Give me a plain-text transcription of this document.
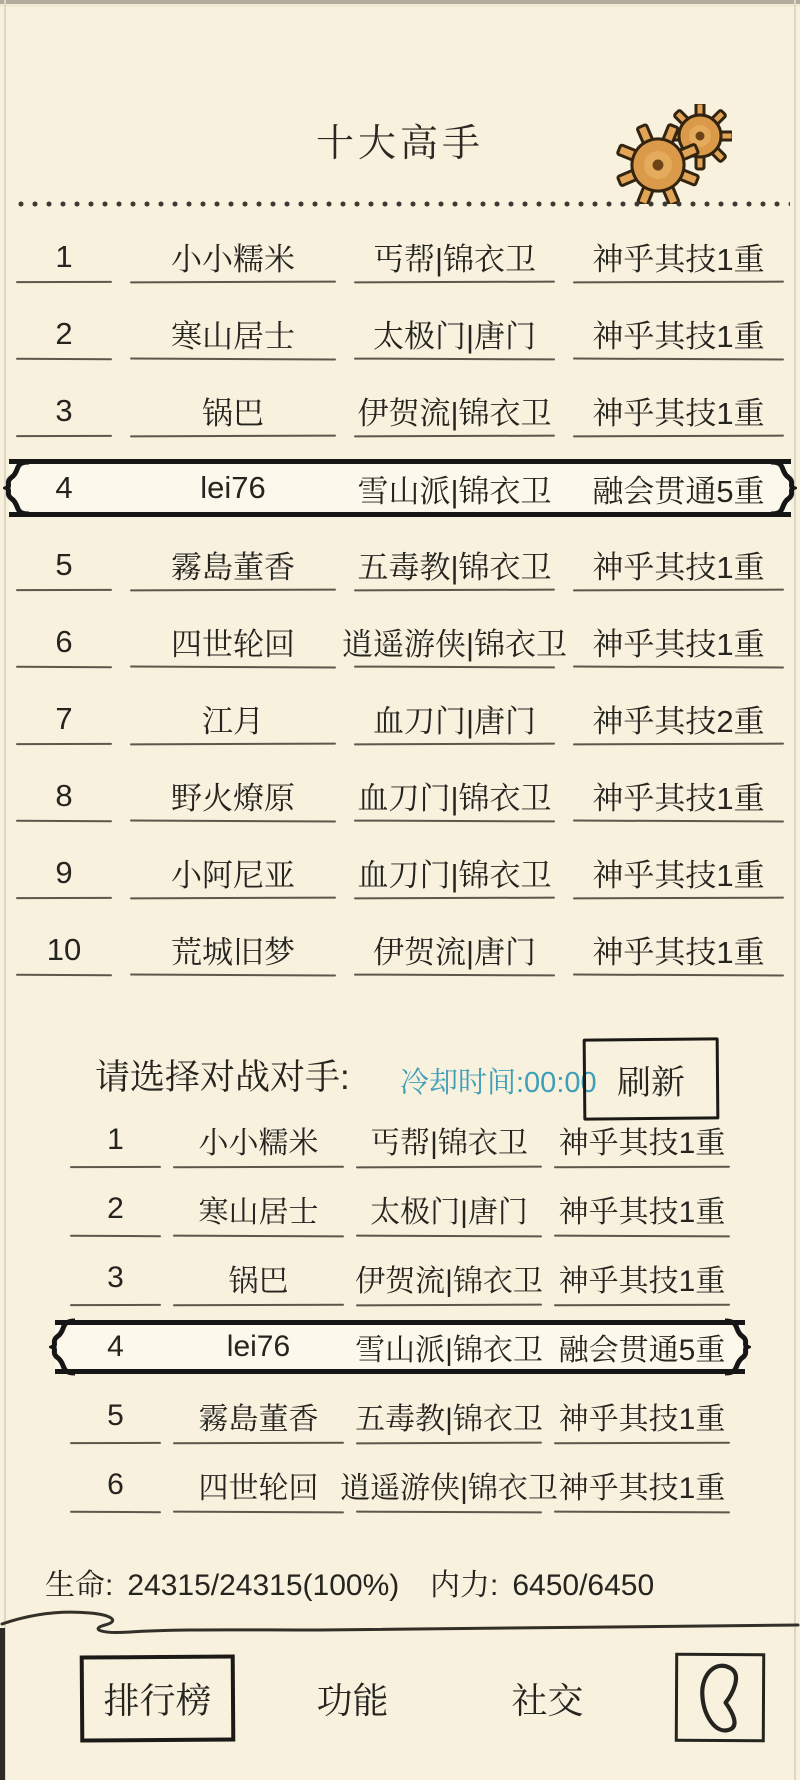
十大高手
1	小小糯米	丐帮|锦衣卫	神乎其技1重
2	寒山居士	太极门|唐门	神乎其技1重
3	锅巴	伊贺流|锦衣卫	神乎其技1重
4	lei76	雪山派|锦衣卫	融会贯通5重
5	霧島董香	五毒教|锦衣卫	神乎其技1重
6	四世轮回	逍遥游侠|锦衣卫 神乎其技1重
7	江月	血刀门|唐门	神乎其技2重
8	野火燎原	血刀门|锦衣卫	神乎其技1重
9	小阿尼亚	血刀门|锦衣卫	神乎其技1重
10	荒城旧梦	伊贺流|唐门	神乎其技1重
请选择对战对手: 冷却时间:00:00 刷新
1	小小糯米	丐帮|锦衣卫	神乎其技1重
2	寒山居士	太极门|唐门	神乎其技1重
3	锅巴	伊贺流|锦衣卫 神乎其技1重
4	lei76	雪山派|锦衣卫 融会贯通5重
5	霧島董香	五毒教|锦衣卫 神乎其技1重
6	四世轮回 逍遥游侠|锦衣卫 神乎其技1重
生命: 24315/24315(100%) 内力: 6450/6450
排行榜	功能	社交
